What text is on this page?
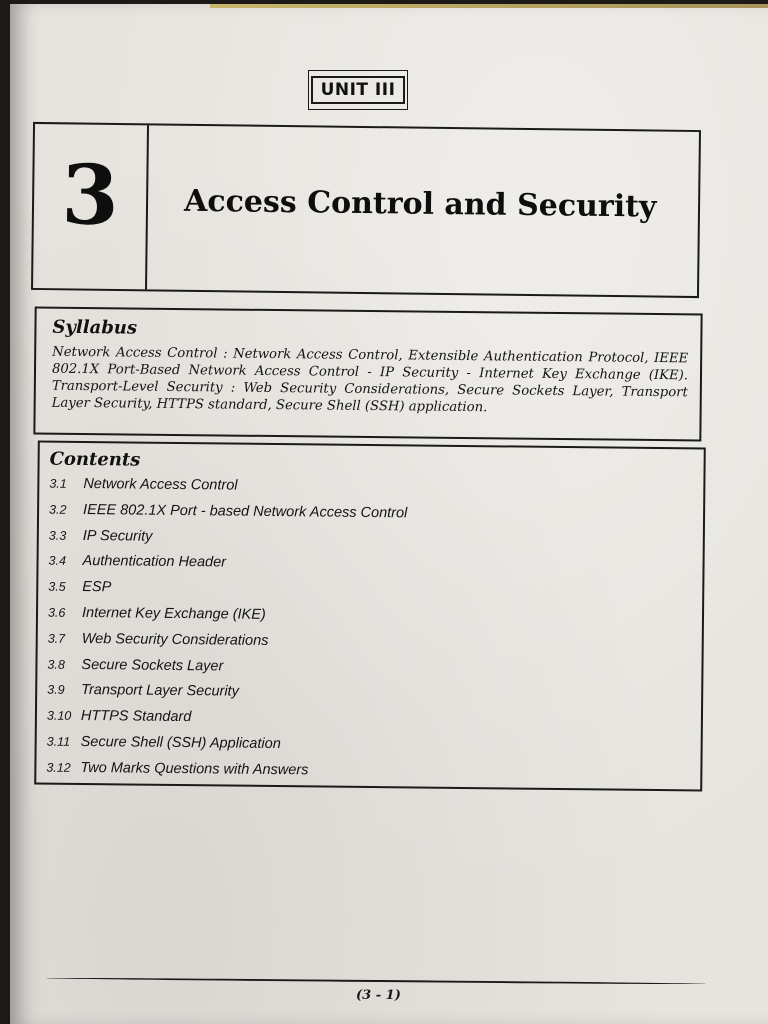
UNIT III
3	Access Control and Security

Syllabus

Network Access Control : Network Access Control, Extensible Authentication Protocol, IEEE 802.1X Port-Based Network Access Control - IP Security - Internet Key Exchange (IKE). Transport-Level Security : Web Security Considerations, Secure Sockets Layer, Transport Layer Security, HTTPS standard, Secure Shell (SSH) application.

Contents

3.1	Network Access Control
3.2	IEEE 802.1X Port - based Network Access Control
3.3	IP Security
3.4	Authentication Header
3.5	ESP
3.6	Internet Key Exchange (IKE)
3.7	Web Security Considerations
3.8	Secure Sockets Layer
3.9	Transport Layer Security
3.10 HTTPS Standard
3.11 Secure Shell (SSH) Application
3.12 Two Marks Questions with Answers
(3 - 1)
